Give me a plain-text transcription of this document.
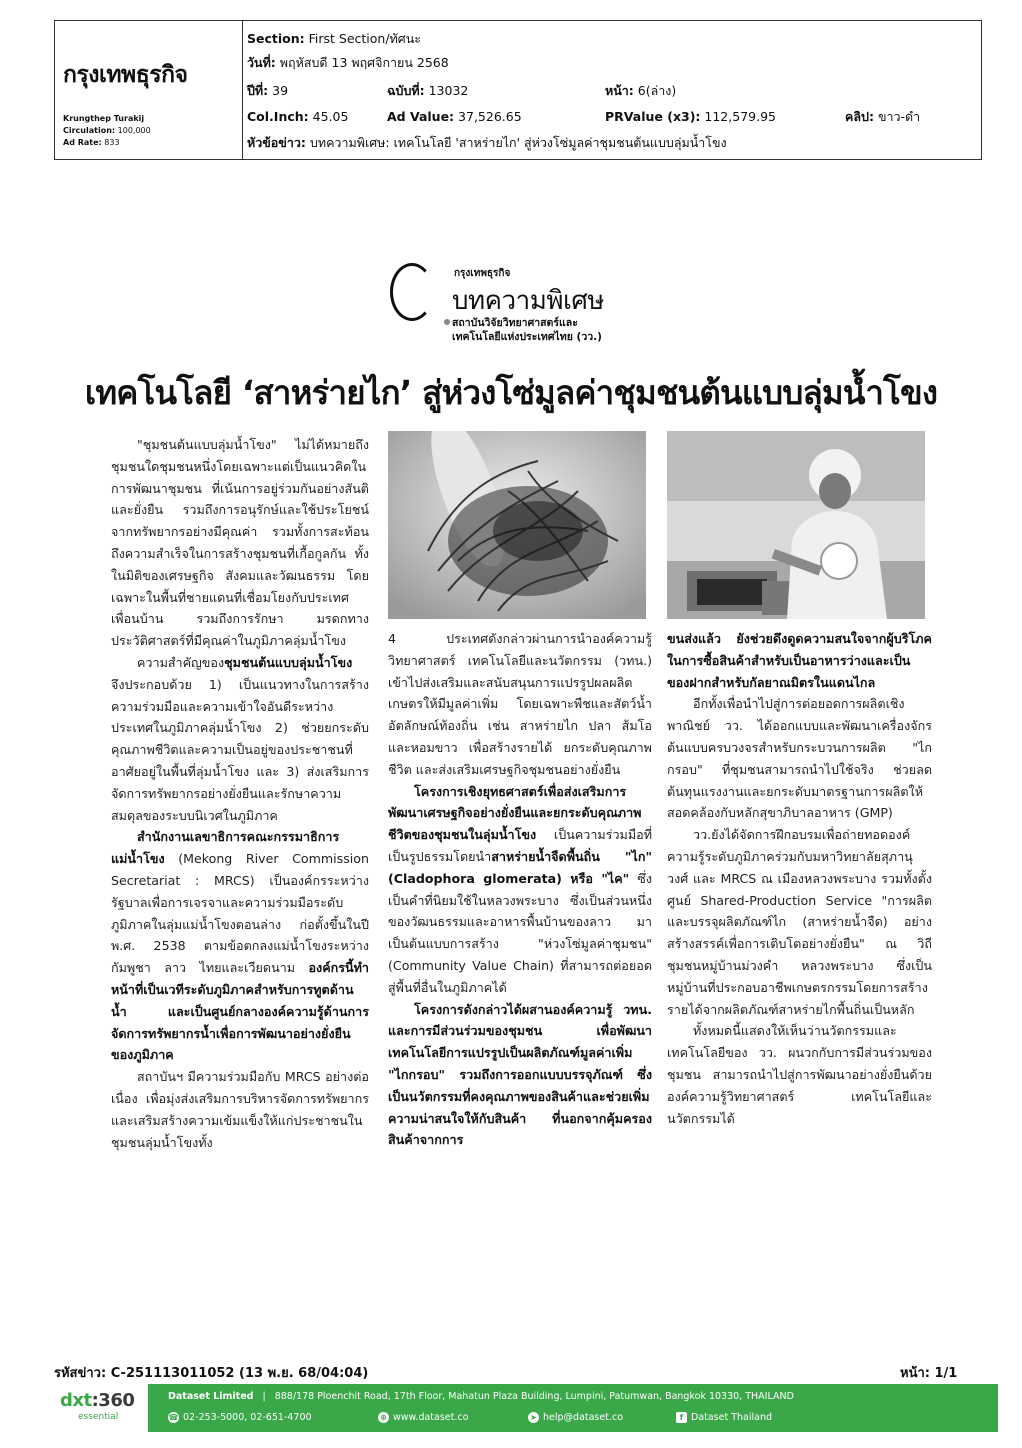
กรุงเทพธุรกิจ
Krungthep Turakij
Circulation: 100,000
Ad Rate: 833
Section: First Section/ทัศนะ
วันที่: พฤหัสบดี 13 พฤศจิกายน 2568
ปีที่: 39	ฉบับที่: 13032	หน้า: 6(ล่าง)
Col.Inch: 45.05	Ad Value: 37,526.65	PRValue (x3): 112,579.95	คลิป: ขาว-ดำ
หัวข้อข่าว: บทความพิเศษ: เทคโนโลยี 'สาหร่ายไก' สู่ห่วงโซ่มูลค่าชุมชนต้นแบบลุ่มน้ำโขง
กรุงเทพธุรกิจ
บทความพิเศษ
สถาบันวิจัยวิทยาศาสตร์และ
เทคโนโลยีแห่งประเทศไทย (วว.)
เทคโนโลยี ‘สาหร่ายไก’ สู่ห่วงโซ่มูลค่าชุมชนต้นแบบลุ่มน้ำโขง

"ชุมชนต้นแบบลุ่มน้ำโขง" ไม่ได้หมายถึงชุมชนใดชุมชนหนึ่งโดยเฉพาะแต่เป็นแนวคิดในการพัฒนาชุมชน ที่เน้นการอยู่ร่วมกันอย่างสันติและยั่งยืน รวมถึงการอนุรักษ์และใช้ประโยชน์จากทรัพยากรอย่างมีคุณค่า รวมทั้งการสะท้อนถึงความสำเร็จในการสร้างชุมชนที่เกื้อกูลกัน ทั้งในมิติของเศรษฐกิจ สังคมและวัฒนธรรม โดยเฉพาะในพื้นที่ชายแดนที่เชื่อมโยงกับประเทศเพื่อนบ้าน รวมถึงการรักษา มรดกทางประวัติศาสตร์ที่มีคุณค่าในภูมิภาคลุ่มน้ำโขง

ความสำคัญของชุมชนต้นแบบลุ่มน้ำโขง จึงประกอบด้วย 1) เป็นแนวทางในการสร้างความร่วมมือและความเข้าใจอันดีระหว่างประเทศในภูมิภาคลุ่มน้ำโขง 2) ช่วยยกระดับคุณภาพชีวิตและความเป็นอยู่ของประชาชนที่อาศัยอยู่ในพื้นที่ลุ่มน้ำโขง และ 3) ส่งเสริมการจัดการทรัพยากรอย่างยั่งยืนและรักษาความสมดุลของระบบนิเวศในภูมิภาค

สำนักงานเลขาธิการคณะกรรมาธิการแม่น้ำโขง (Mekong River Commission Secretariat : MRCS) เป็นองค์กรระหว่างรัฐบาลเพื่อการเจรจาและความร่วมมือระดับภูมิภาคในลุ่มแม่น้ำโขงตอนล่าง ก่อตั้งขึ้นในปี พ.ศ. 2538 ตามข้อตกลงแม่น้ำโขงระหว่างกัมพูชา ลาว ไทยและเวียดนาม องค์กรนี้ทำหน้าที่เป็นเวทีระดับภูมิภาคสำหรับการทูตด้านน้ำ และเป็นศูนย์กลางองค์ความรู้ด้านการจัดการทรัพยากรน้ำเพื่อการพัฒนาอย่างยั่งยืนของภูมิภาค

สถาบันฯ มีความร่วมมือกับ MRCS อย่างต่อเนื่อง เพื่อมุ่งส่งเสริมการบริหารจัดการทรัพยากรและเสริมสร้างความเข้มแข็งให้แก่ประชาชนในชุมชนลุ่มน้ำโขงทั้ง

4 ประเทศดังกล่าวผ่านการนำองค์ความรู้วิทยาศาสตร์ เทคโนโลยีและนวัตกรรม (วทน.) เข้าไปส่งเสริมและสนับสนุนการแปรรูปผลผลิตเกษตรให้มีมูลค่าเพิ่ม โดยเฉพาะพืชและสัตว์น้ำ อัตลักษณ์ท้องถิ่น เช่น สาหร่ายไก ปลา ส้มโอ และหอมขาว เพื่อสร้างรายได้ ยกระดับคุณภาพชีวิต และส่งเสริมเศรษฐกิจชุมชนอย่างยั่งยืน

โครงการเชิงยุทธศาสตร์เพื่อส่งเสริมการพัฒนาเศรษฐกิจอย่างยั่งยืนและยกระดับคุณภาพชีวิตของชุมชนในลุ่มน้ำโขง เป็นความร่วมมือที่เป็นรูปธรรมโดยนำสาหร่ายน้ำจืดพื้นถิ่น "ไก" (Cladophora glomerata) หรือ "ไค" ซึ่งเป็นคำที่นิยมใช้ในหลวงพระบาง ซึ่งเป็นส่วนหนึ่งของวัฒนธรรมและอาหารพื้นบ้านของลาว มาเป็นต้นแบบการสร้าง "ห่วงโซ่มูลค่าชุมชน" (Community Value Chain) ที่สามารถต่อยอดสู่พื้นที่อื่นในภูมิภาคได้

โครงการดังกล่าวได้ผสานองค์ความรู้ วทน. และการมีส่วนร่วมของชุมชน เพื่อพัฒนาเทคโนโลยีการแปรรูปเป็นผลิตภัณฑ์มูลค่าเพิ่ม "ไกกรอบ" รวมถึงการออกแบบบรรจุภัณฑ์ ซึ่งเป็นนวัตกรรมที่คงคุณภาพของสินค้าและช่วยเพิ่มความน่าสนใจให้กับสินค้า ที่นอกจากคุ้มครองสินค้าจากการ

ขนส่งแล้ว ยังช่วยดึงดูดความสนใจจากผู้บริโภคในการซื้อสินค้าสำหรับเป็นอาหารว่างและเป็นของฝากสำหรับกัลยาณมิตรในแดนไกล

อีกทั้งเพื่อนำไปสู่การต่อยอดการผลิตเชิงพาณิชย์ วว. ได้ออกแบบและพัฒนาเครื่องจักรต้นแบบครบวงจรสำหรับกระบวนการผลิต "ไกกรอบ" ที่ชุมชนสามารถนำไปใช้จริง ช่วยลดต้นทุนแรงงานและยกระดับมาตรฐานการผลิตให้สอดคล้องกับหลักสุขาภิบาลอาหาร (GMP)

วว.ยังได้จัดการฝึกอบรมเพื่อถ่ายทอดองค์ความรู้ระดับภูมิภาคร่วมกับมหาวิทยาลัยสุภานุวงศ์ และ MRCS ณ เมืองหลวงพระบาง รวมทั้งตั้ง ศูนย์ Shared-Production Service "การผลิตและบรรจุผลิตภัณฑ์ไก (สาหร่ายน้ำจืด) อย่างสร้างสรรค์เพื่อการเติบโตอย่างยั่งยืน" ณ วิถีชุมชนหมู่บ้านม่วงคำ หลวงพระบาง ซึ่งเป็นหมู่บ้านที่ประกอบอาชีพเกษตรกรรมโดยการสร้างรายได้จากผลิตภัณฑ์สาหร่ายไกพื้นถิ่นเป็นหลัก

ทั้งหมดนี้แสดงให้เห็นว่านวัตกรรมและเทคโนโลยีของ วว. ผนวกกับการมีส่วนร่วมของชุมชน สามารถนำไปสู่การพัฒนาอย่างยั่งยืนด้วยองค์ความรู้วิทยาศาสตร์ เทคโนโลยีและนวัตกรรมได้

รหัสข่าว: C-251113011052 (13 พ.ย. 68/04:04)	หน้า: 1/1
dxt:360
essential
Dataset Limited | 888/178 Ploenchit Road, 17th Floor, Mahatun Plaza Building, Lumpini, Patumwan, Bangkok 10330, THAILAND
☎ 02-253-5000, 02-651-4700	⊕ www.dataset.co	➤ help@dataset.co	f Dataset Thailand
